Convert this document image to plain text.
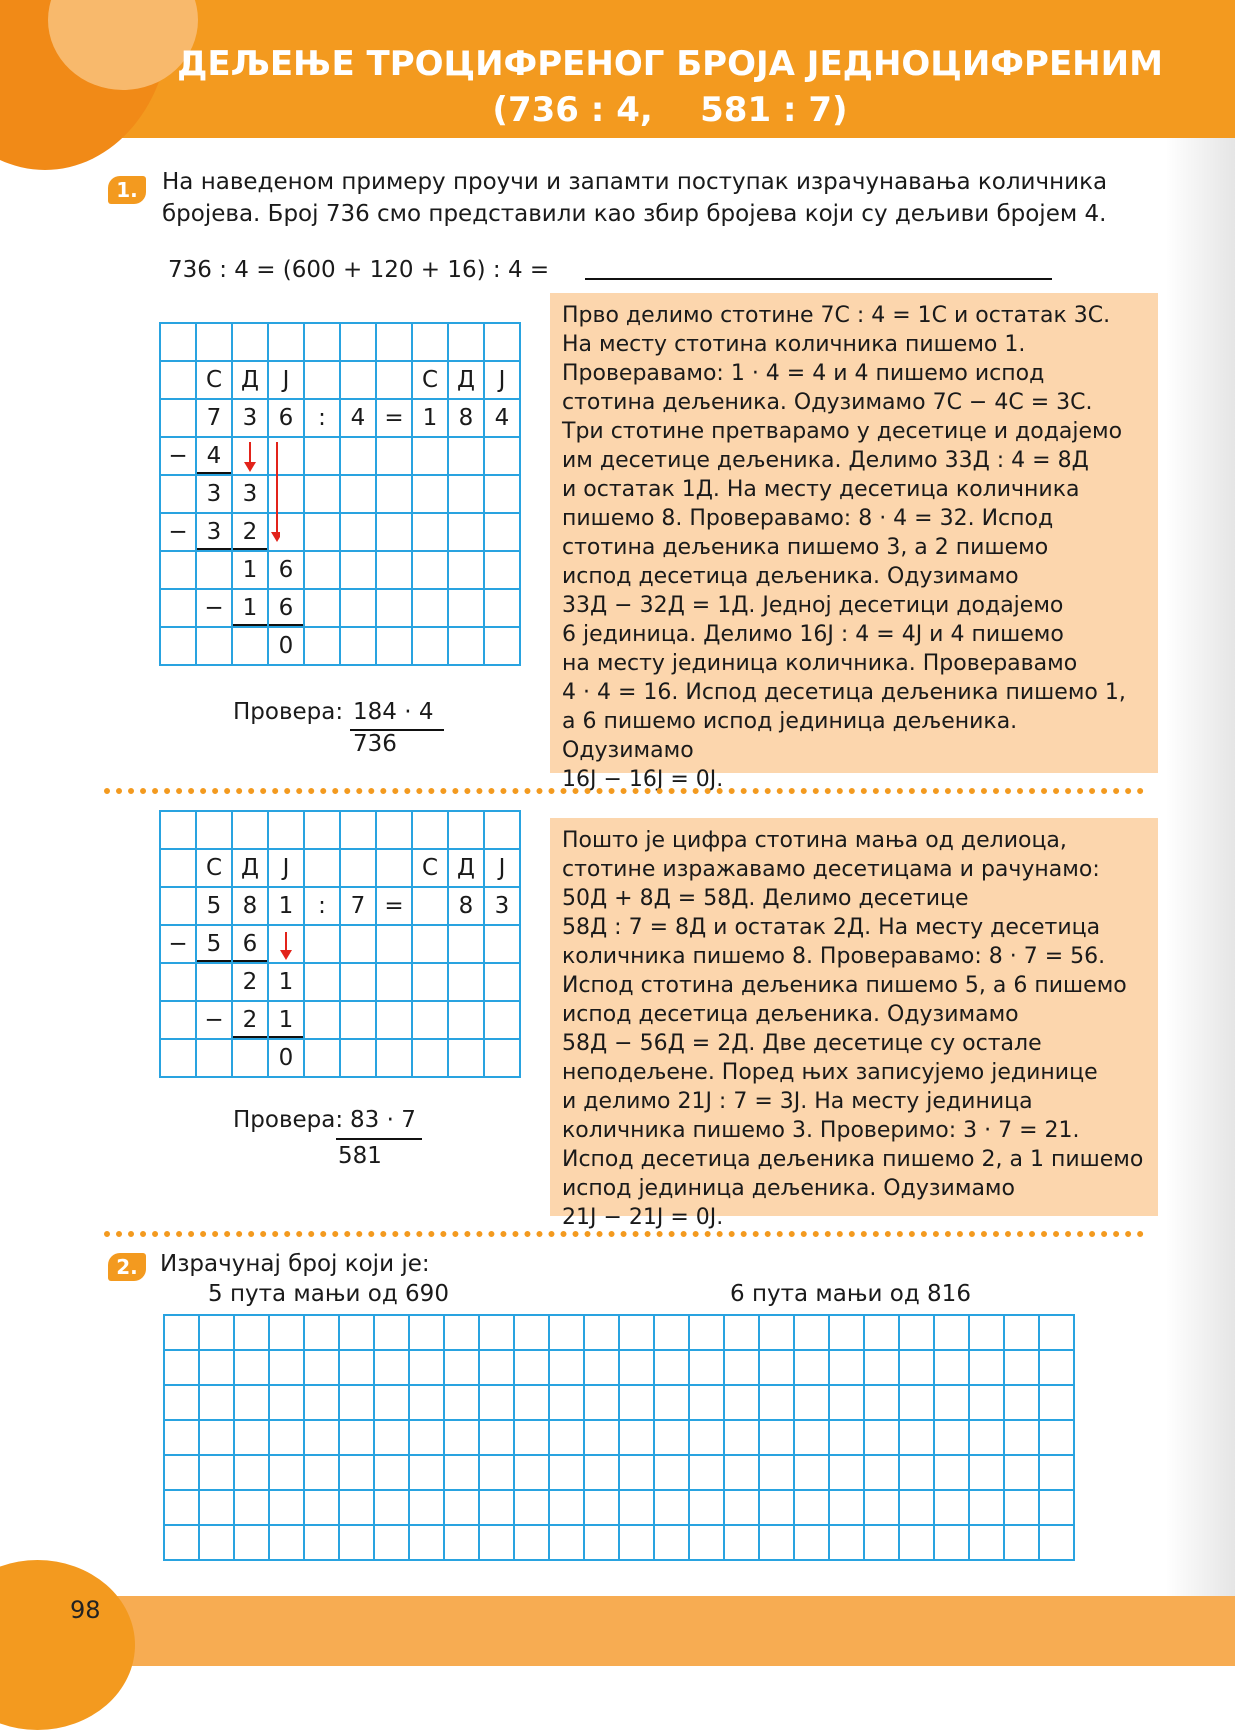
ДЕЉЕЊЕ ТРОЦИФРЕНОГ БРОЈА ЈЕДНОЦИФРЕНИМ
(736 : 4,    581 : 7)
1.	На наведеном примеру проучи и запамти поступак израчунавања количника
бројева. Број 736 смо представили као збир бројева који су дељиви бројем 4.
736 : 4 = (600 + 120 + 16) : 4 =

	С	Д	Ј				С	Д	Ј
	7	3	6	:	4	=	1	8	4
−	4								
	3	3							
−	3	2							
		1	6						
	−	1	6						
			0						
Провера: 184 · 4
736

Прво делимо стотине 7С : 4 = 1С и остатак 3С.

На месту стотина количника пишемо 1.

Проверавамо: 1 · 4 = 4 и 4 пишемо испод

стотина дељеника. Одузимамо 7С − 4С = 3С.

Три стотине претварамо у десетице и додајемо

им десетице дељеника. Делимо 33Д : 4 = 8Д

и остатак 1Д. На месту десетица количника

пишемо 8. Проверавамо: 8 · 4 = 32. Испод

стотина дељеника пишемо 3, а 2 пишемо

испод десетица дељеника. Одузимамо

33Д − 32Д = 1Д. Једној десетици додајемо

6 јединица. Делимо 16Ј : 4 = 4Ј и 4 пишемо

на месту јединица количника. Проверавамо

4 · 4 = 16. Испод десетица дељеника пишемо 1,

а 6 пишемо испод јединица дељеника. Одузимамо

16Ј − 16Ј = 0Ј.

	С	Д	Ј				С	Д	Ј
	5	8	1	:	7	=		8	3
−	5	6							
		2	1						
	−	2	1						
			0						
Провера: 83 · 7
581

Пошто је цифра стотина мања од делиоца,

стотине изражавамо десетицама и рачунамо:

50Д + 8Д = 58Д. Делимо десетице

58Д : 7 = 8Д и остатак 2Д. На месту десетица

количника пишемо 8. Проверавамо: 8 · 7 = 56.

Испод стотина дељеника пишемо 5, а 6 пишемо

испод десетица дељеника. Одузимамо

58Д − 56Д = 2Д. Две десетице су остале

неподељене. Поред њих записујемо јединице

и делимо 21Ј : 7 = 3Ј. На месту јединица

количника пишемо 3. Проверимо: 3 · 7 = 21.

Испод десетица дељеника пишемо 2, а 1 пишемо

испод јединица дељеника. Одузимамо

21Ј − 21Ј = 0Ј.

2. Израчунај број који је:
5 пута мањи од 690	6 пута мањи од 816

98
